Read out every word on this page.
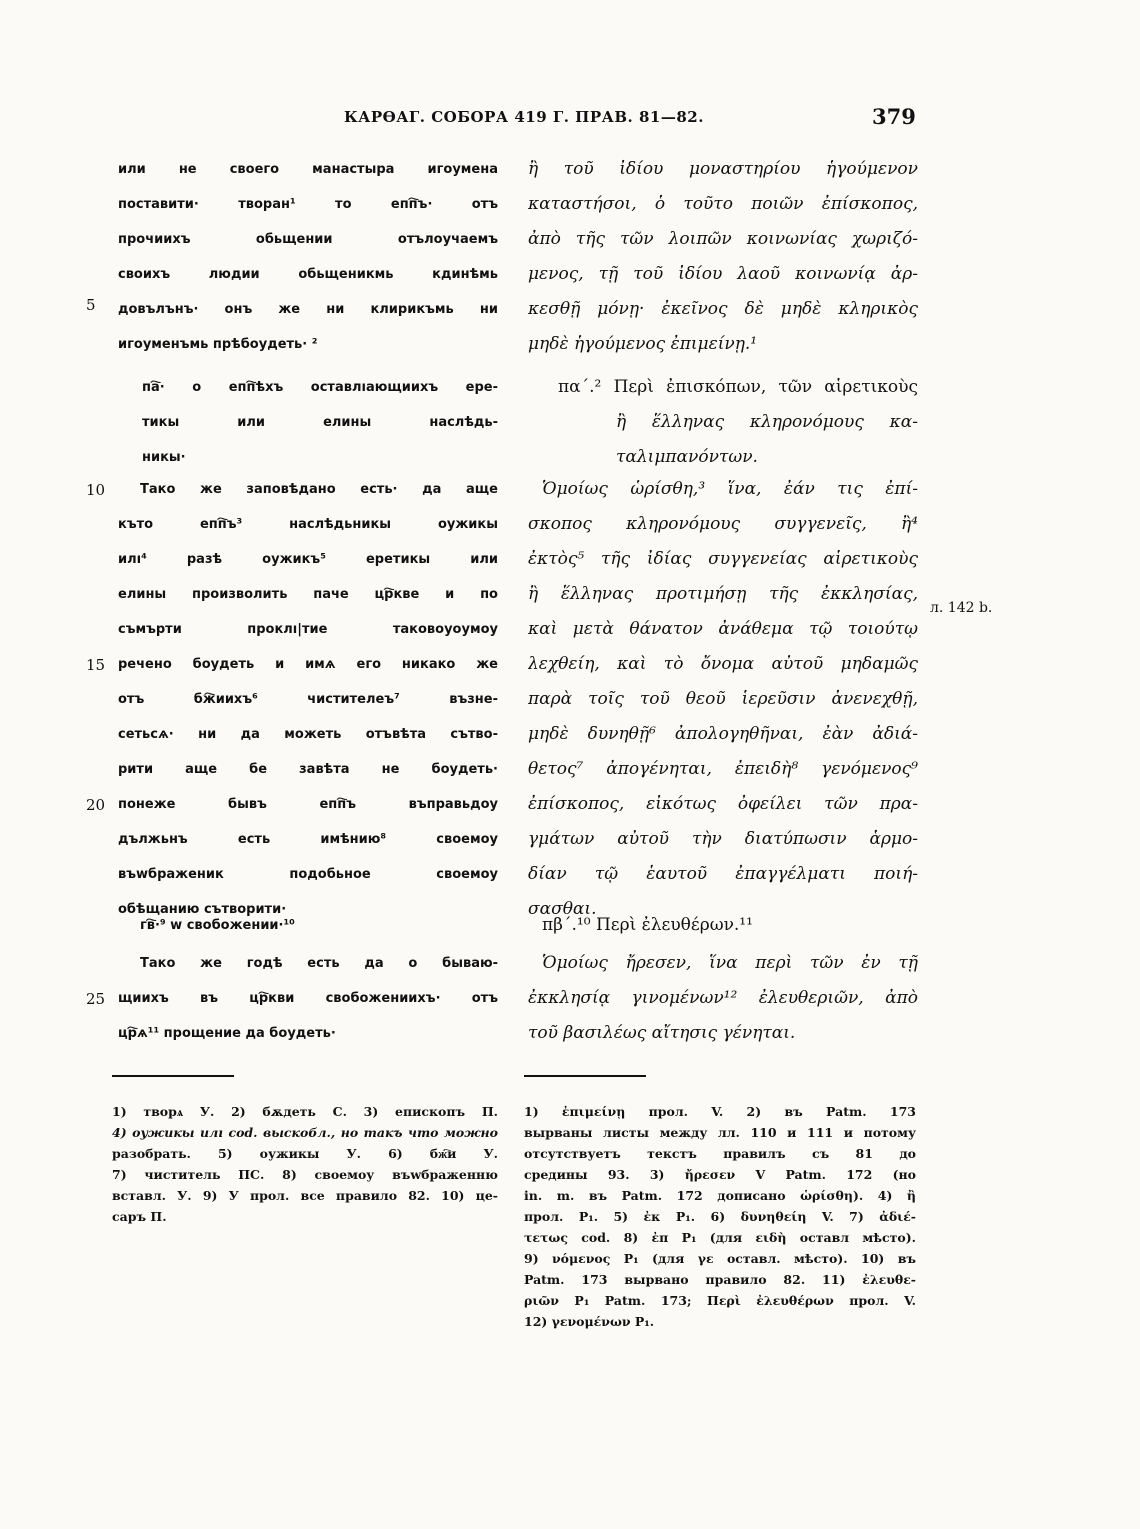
КАРѲАГ. СОБОРА 419 Г. ПРАВ. 81—82.	379
или не своего манастыра игоумена
поставити· творан¹ то епп҇ъ· отъ
прочиихъ обьщении отълоучаемъ
своихъ людии обьщеникмь кдинѣмь
довълънъ· онъ же ни клирикъмь ни
игоуменъмь прѣбоудеть· ²
па҇· о епп҇ѣхъ оставлıающиихъ ере-
тикы или елины наслѣдь-
никы·
Тако же заповѣдано есть· да аще
къто епп҇ъ³ наслѣдьникы оужикы
илı⁴ разѣ оужикъ⁵ еретикы или
елины произволить паче цр҇кве и по
съмърти проклı|тие таковоуоумоу
речено боудеть и имѧ его никако же
отъ бж҇иихъ⁶ чистителеъ⁷ възне-
сетьсѧ· ни да можеть отъвѣта сътво-
рити аще бе завѣта не боудеть·
понеже бывъ епп҇ъ въправьдоу
дължьнъ есть имѣнию⁸ своемоу
въwбраженик подобьное своемоу
обѣщанию сътворити·
гв҇·⁹ w свобожении·¹⁰
Тако же годѣ есть да о бываю-
щиихъ въ цр҇кви свобожениихъ· отъ
цр҇ѧ¹¹ прощение да боудеть·
5
10
15
20
25
ἢ τοῦ ἰδίου μοναστηρίου ἡγούμενον
καταστήσοι, ὁ τοῦτο ποιῶν ἐπίσκοπος,
ἀπὸ τῆς τῶν λοιπῶν κοινωνίας χωριζό-
μενος, τῇ τοῦ ἰδίου λαοῦ κοινωνίᾳ ἀρ-
κεσθῇ μόνῃ· ἐκεῖνος δὲ μηδὲ κληρικὸς
μηδὲ ἡγούμενος ἐπιμείνῃ.¹
πα΄.² Περὶ ἐπισκόπων, τῶν αἱρετικοὺς
ἢ ἕλληνας κληρονόμους κα-
ταλιμπανόντων.
Ὁμοίως ὡρίσθη,³ ἵνα, ἐάν τις ἐπί-
σκοπος κληρονόμους συγγενεῖς, ἢ⁴
ἐκτὸς⁵ τῆς ἰδίας συγγενείας αἱρετικοὺς
ἢ ἕλληνας προτιμήσῃ τῆς ἐκκλησίας,
καὶ μετὰ θάνατον ἀνάθεμα τῷ τοιούτῳ
λεχθείη, καὶ τὸ ὄνομα αὐτοῦ μηδαμῶς
παρὰ τοῖς τοῦ θεοῦ ἱερεῦσιν ἀνενεχθῇ,
μηδὲ δυνηθῇ⁶ ἀπολογηθῆναι, ἐὰν ἀδιά-
θετος⁷ ἀπογένηται, ἐπειδὴ⁸ γενόμενος⁹
ἐπίσκοπος, εἰκότως ὀφείλει τῶν πρα-
γμάτων αὐτοῦ τὴν διατύπωσιν ἁρμο-
δίαν τῷ ἑαυτοῦ ἐπαγγέλματι ποιή-
σασθαι.
πβ΄.¹⁰ Περὶ ἐλευθέρων.¹¹
Ὁμοίως ἤρεσεν, ἵνα περὶ τῶν ἐν τῇ
ἐκκλησίᾳ γινομένων¹² ἐλευθεριῶν, ἀπὸ
τοῦ βασιλέως αἴτησις γένηται.
л. 142 b.
1) творѧ У. 2) бѫдеть С. 3) епископъ П.
4) оужикы илı cod. выскобл., но такъ что можно
разобрать. 5) оужикы У. 6) бж҇и У.
7) чиститель ПС. 8) своемоу въwбраженню
вставл. У. 9) У прол. все правило 82. 10) це-
саръ П.
1) ἐπιμείνῃ прол. V. 2) въ Patm. 173
вырваны листы между лл. 110 и 111 и потому
отсутствуетъ текстъ правилъ съ 81 до
средины 93. 3) ἤρεσεν V Patm. 172 (но
in. m. въ Patm. 172 дописано ὡρίσθη). 4) ἢ
прол. P₁. 5) ἐκ P₁. 6) δυνηθείη V. 7) ἀδιέ-
τετως cod. 8) ἐπ P₁ (для ειδὴ оставл мѣсто).
9) νόμενος P₁ (для γε оставл. мѣсто). 10) въ
Patm. 173 вырвано правило 82. 11) ἐλευθε-
ριῶν P₁ Patm. 173; Περὶ ἐλευθέρων прол. V.
12) γενομένων P₁.
